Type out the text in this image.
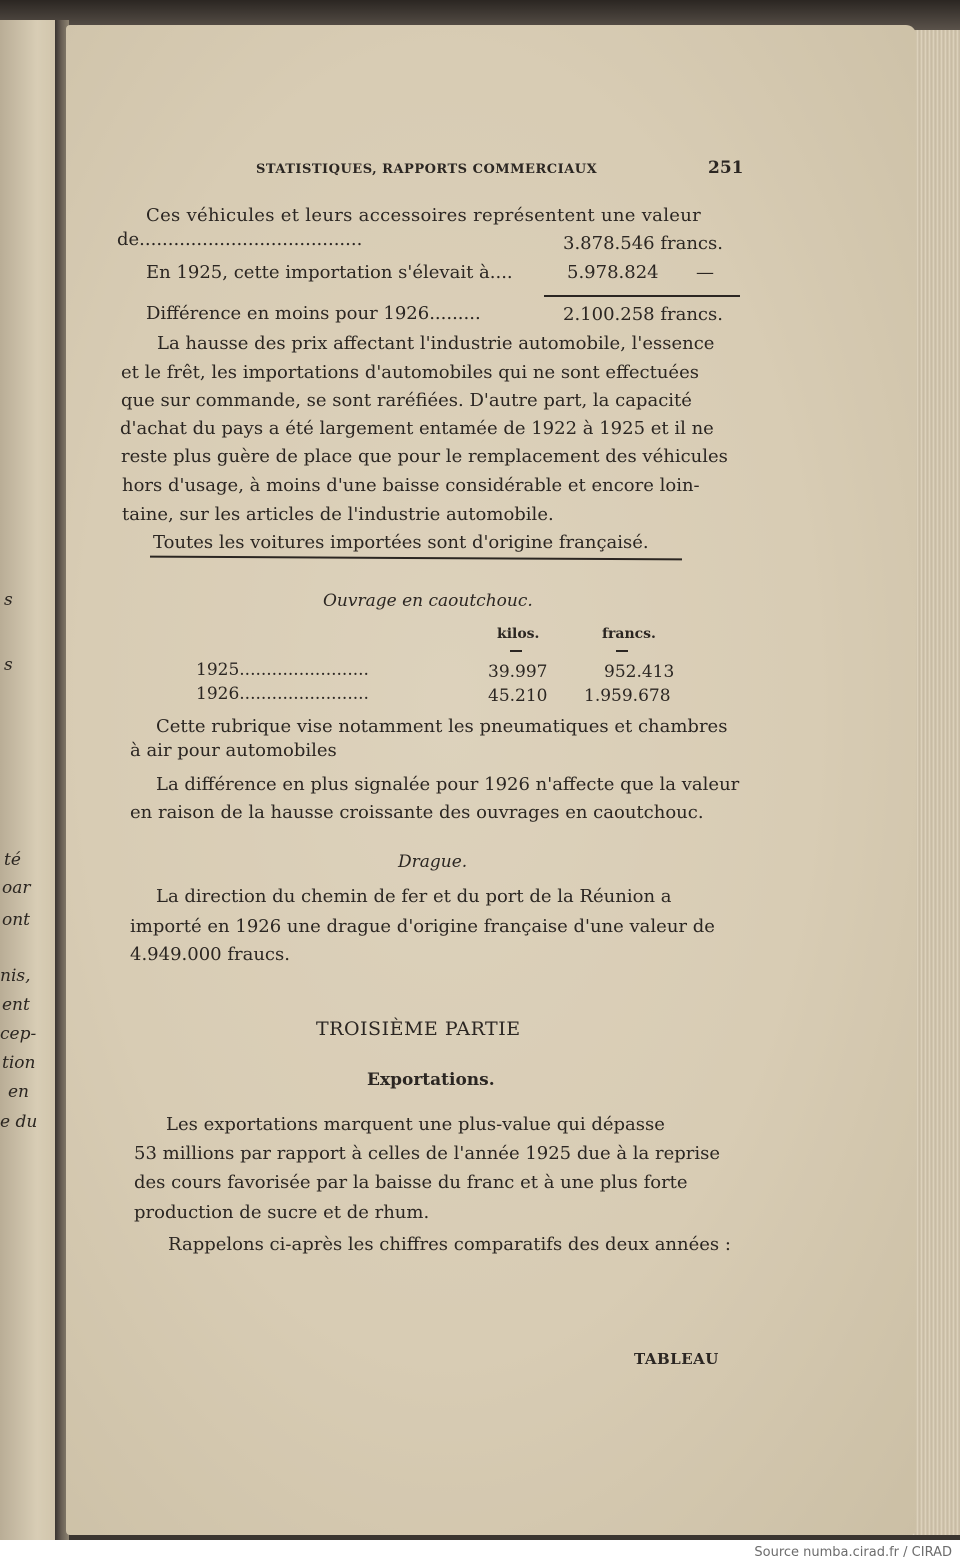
s
s
té
oar
ont
nis,
ent
cep-
tion
en
e du
STATISTIQUES, RAPPORTS COMMERCIAUX	251
Ces véhicules et leurs accessoires représentent une valeur
de.......................................	3.878.546 francs.
En 1925, cette importation s'élevait à....	5.978.824 —
Différence en moins pour 1926.........	2.100.258 francs.
La hausse des prix affectant l'industrie automobile, l'essence
et le frêt, les importations d'automobiles qui ne sont effectuées
que sur commande, se sont raréfiées. D'autre part, la capacité
d'achat du pays a été largement entamée de 1922 à 1925 et il ne
reste plus guère de place que pour le remplacement des véhicules
hors d'usage, à moins d'une baisse considérable et encore loin-
taine, sur les articles de l'industrie automobile.
Toutes les voitures importées sont d'origine françaisé.
Ouvrage en caoutchouc.
kilos.	francs.
1925........................	39.997	952.413
1926........................	45.210 1.959.678
Cette rubrique vise notamment les pneumatiques et chambres
à air pour automobiles
La différence en plus signalée pour 1926 n'affecte que la valeur
en raison de la hausse croissante des ouvrages en caoutchouc.
Drague.
La direction du chemin de fer et du port de la Réunion a
importé en 1926 une drague d'origine française d'une valeur de
4.949.000 fraucs.
TROISIÈME PARTIE
Exportations.
Les exportations marquent une plus-value qui dépasse
53 millions par rapport à celles de l'année 1925 due à la reprise
des cours favorisée par la baisse du franc et à une plus forte
production de sucre et de rhum.
Rappelons ci-après les chiffres comparatifs des deux années :
TABLEAU
Source numba.cirad.fr / CIRAD
